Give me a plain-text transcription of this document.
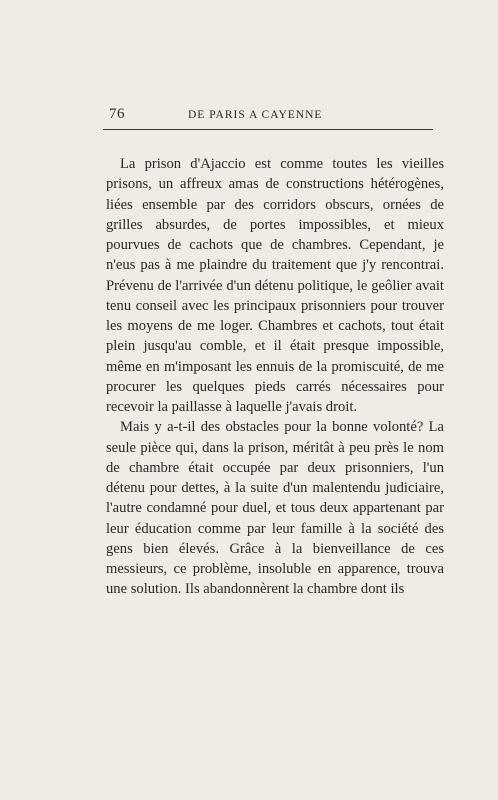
76	DE PARIS A CAYENNE

La prison d'Ajaccio est comme toutes les vieilles prisons, un affreux amas de constructions hétérogènes, liées ensemble par des corridors obscurs, ornées de grilles absurdes, de portes impossibles, et mieux pourvues de cachots que de chambres. Cependant, je n'eus pas à me plaindre du traitement que j'y rencontrai. Prévenu de l'arrivée d'un détenu politique, le geôlier avait tenu conseil avec les principaux prisonniers pour trouver les moyens de me loger. Chambres et cachots, tout était plein jusqu'au comble, et il était presque impossible, même en m'imposant les ennuis de la promiscuité, de me procurer les quelques pieds carrés nécessaires pour recevoir la paillasse à laquelle j'avais droit.

Mais y a-t-il des obstacles pour la bonne volonté? La seule pièce qui, dans la prison, méritât à peu près le nom de chambre était occupée par deux prisonniers, l'un détenu pour dettes, à la suite d'un malentendu judiciaire, l'autre condamné pour duel, et tous deux appartenant par leur éducation comme par leur famille à la société des gens bien élevés. Grâce à la bienveillance de ces messieurs, ce problème, insoluble en apparence, trouva une solution. Ils abandonnèrent la chambre dont ils
